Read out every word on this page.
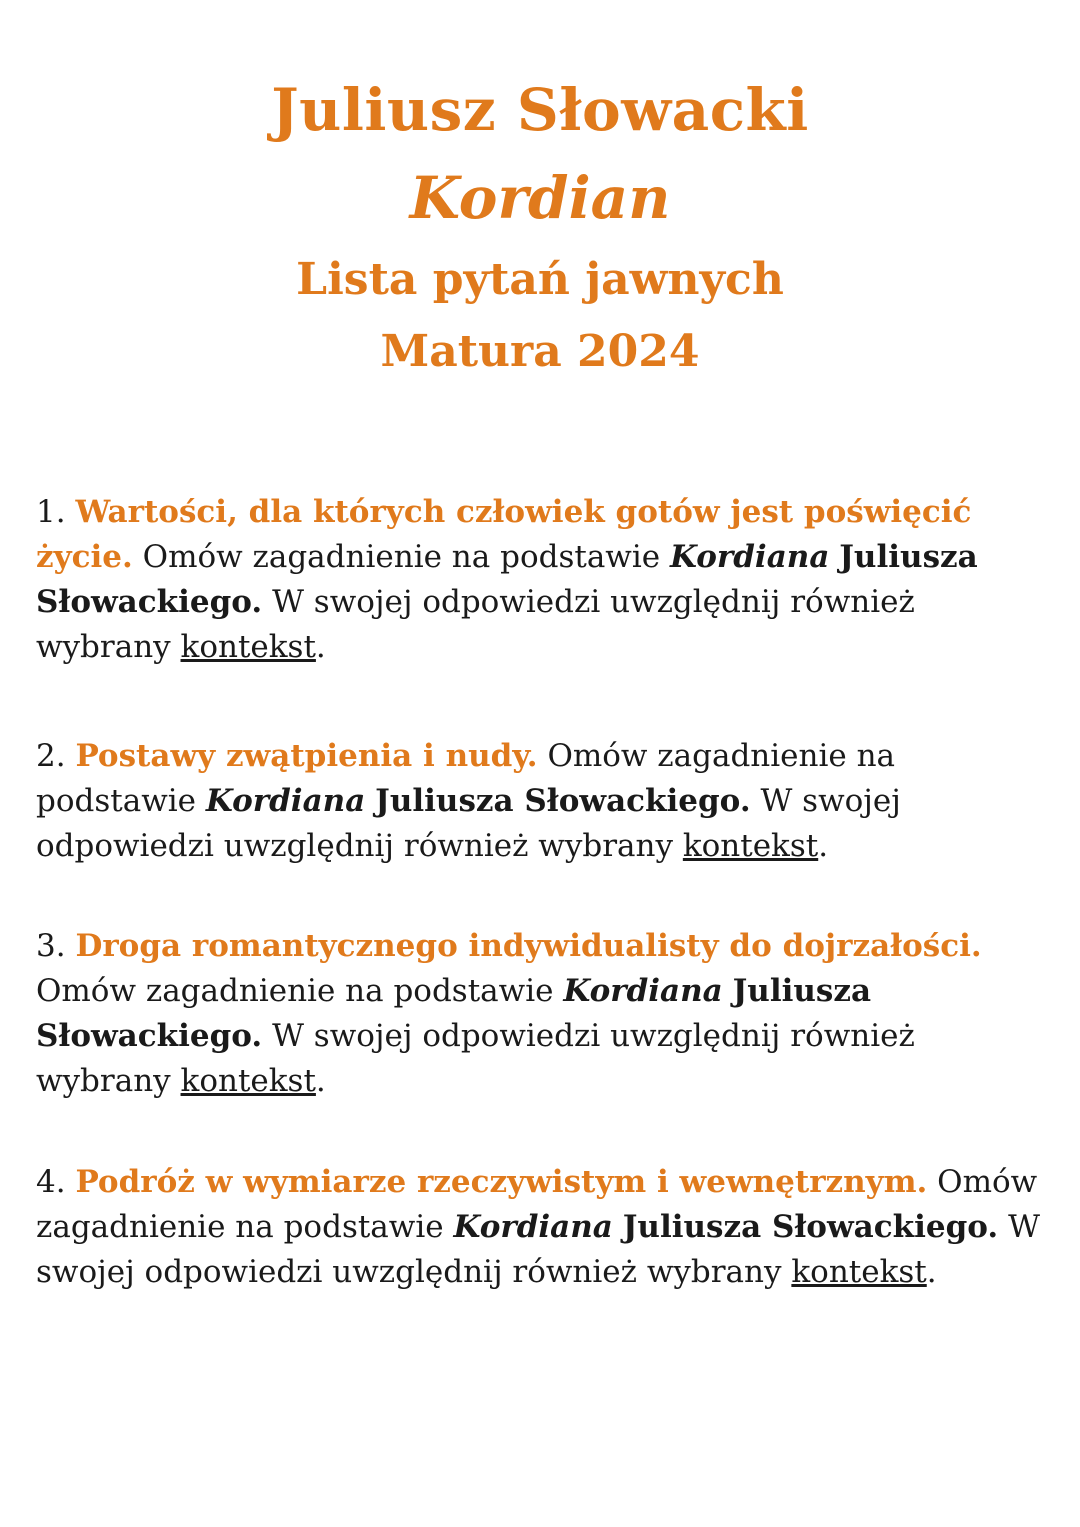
Juliusz Słowacki
Kordian
Lista pytań jawnych
Matura 2024

1. Wartości, dla których człowiek gotów jest poświęcić życie. Omów zagadnienie na podstawie Kordiana Juliusza Słowackiego. W swojej odpowiedzi uwzględnij również wybrany kontekst.

2. Postawy zwątpienia i nudy. Omów zagadnienie na podstawie Kordiana Juliusza Słowackiego. W swojej odpowiedzi uwzględnij również wybrany kontekst.

3. Droga romantycznego indywidualisty do dojrzałości. Omów zagadnienie na podstawie Kordiana Juliusza Słowackiego. W swojej odpowiedzi uwzględnij również wybrany kontekst.

4. Podróż w wymiarze rzeczywistym i wewnętrznym. Omów zagadnienie na podstawie Kordiana Juliusza Słowackiego. W swojej odpowiedzi uwzględnij również wybrany kontekst.
